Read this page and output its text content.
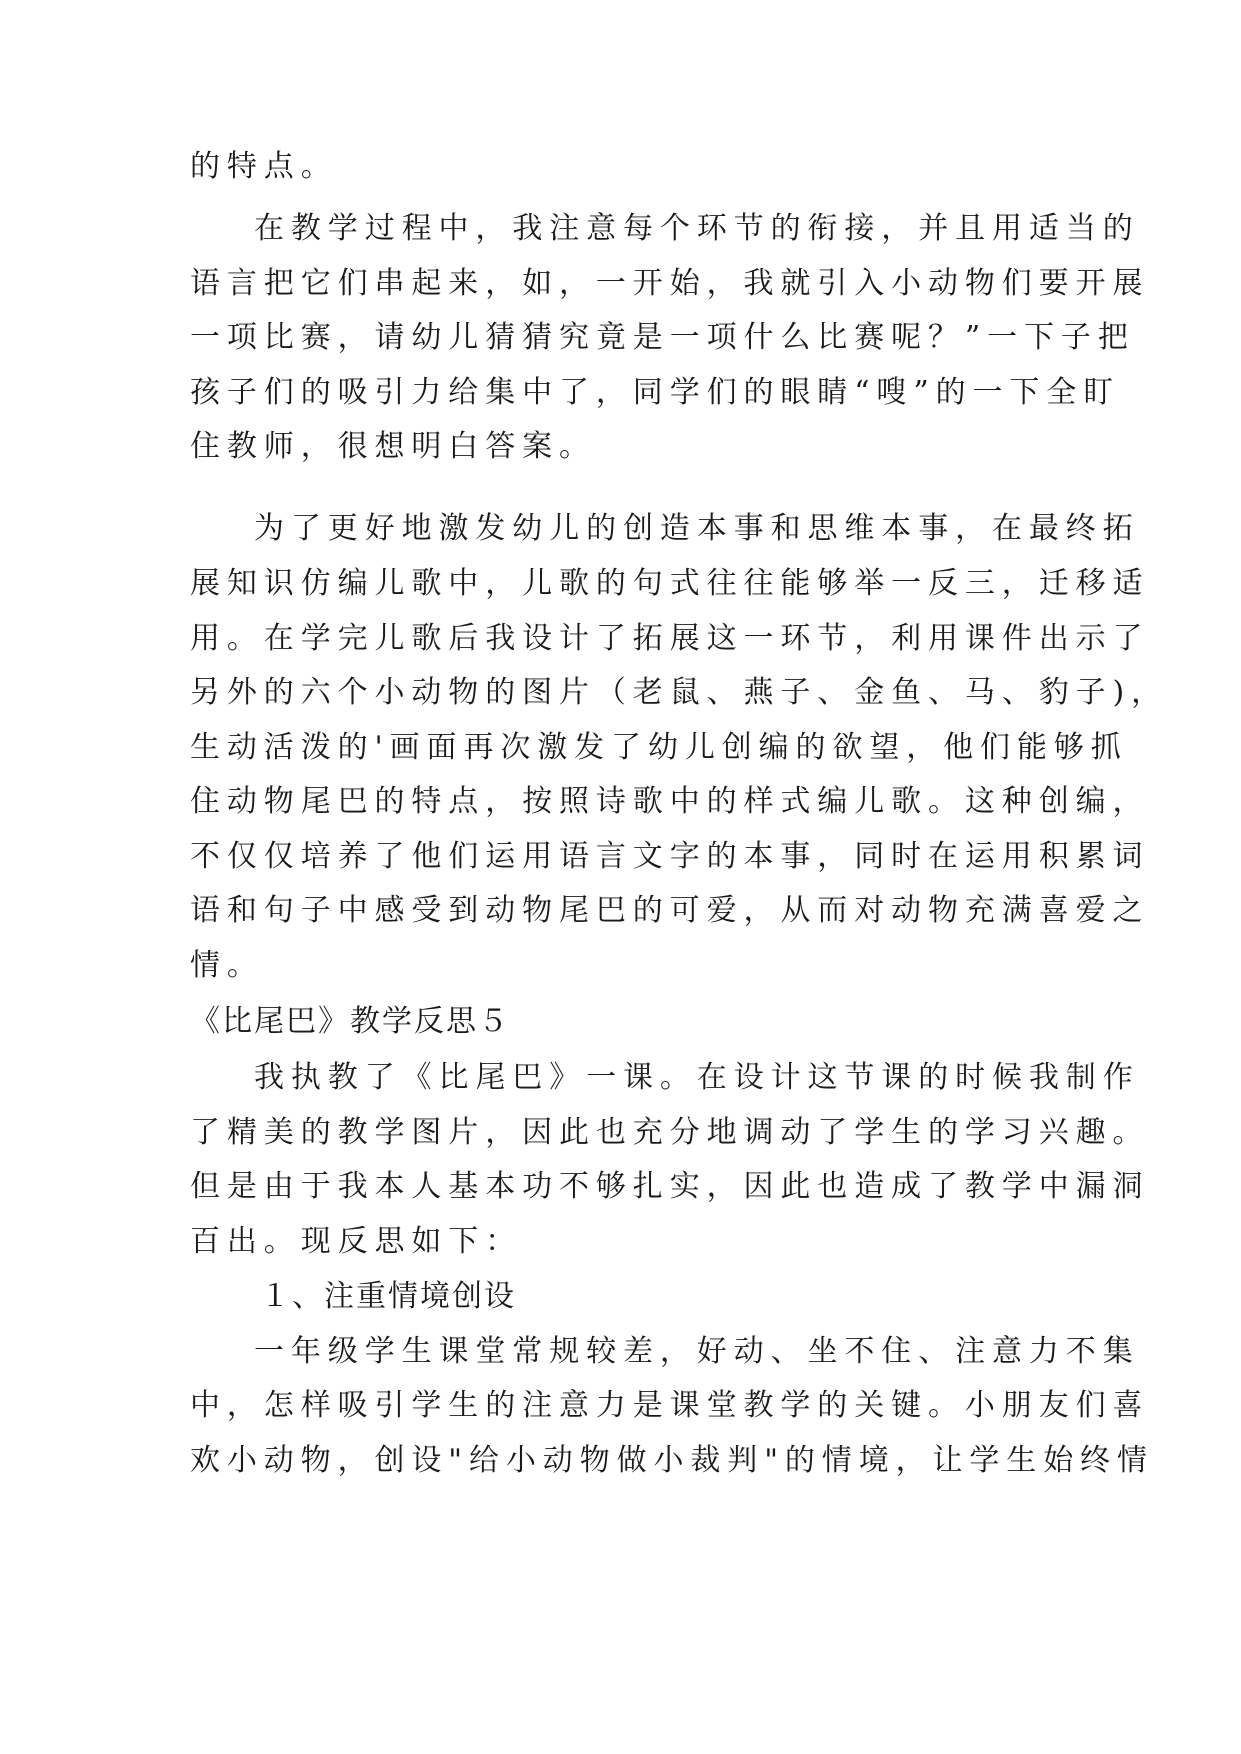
的特点。
在教学过程中，我注意每个环节的衔接，并且用适当的
语言把它们串起来，如，一开始，我就引入小动物们要开展
一项比赛，请幼儿猜猜究竟是一项什么比赛呢？”一下子把
孩子们的吸引力给集中了，同学们的眼睛“嗖”的一下全盯
住教师，很想明白答案。
为了更好地激发幼儿的创造本事和思维本事，在最终拓
展知识仿编儿歌中，儿歌的句式往往能够举一反三，迁移适
用。在学完儿歌后我设计了拓展这一环节，利用课件出示了
另外的六个小动物的图片（老鼠、燕子、金鱼、马、豹子)，
生动活泼的'画面再次激发了幼儿创编的欲望，他们能够抓
住动物尾巴的特点，按照诗歌中的样式编儿歌。这种创编，
不仅仅培养了他们运用语言文字的本事，同时在运用积累词
语和句子中感受到动物尾巴的可爱，从而对动物充满喜爱之
情。
《比尾巴》教学反思５
我执教了《比尾巴》一课。在设计这节课的时候我制作
了精美的教学图片，因此也充分地调动了学生的学习兴趣。
但是由于我本人基本功不够扎实，因此也造成了教学中漏洞
百出。现反思如下：
１、注重情境创设
一年级学生课堂常规较差，好动、坐不住、注意力不集
中，怎样吸引学生的注意力是课堂教学的关键。小朋友们喜
欢小动物，创设"给小动物做小裁判"的情境，让学生始终情
